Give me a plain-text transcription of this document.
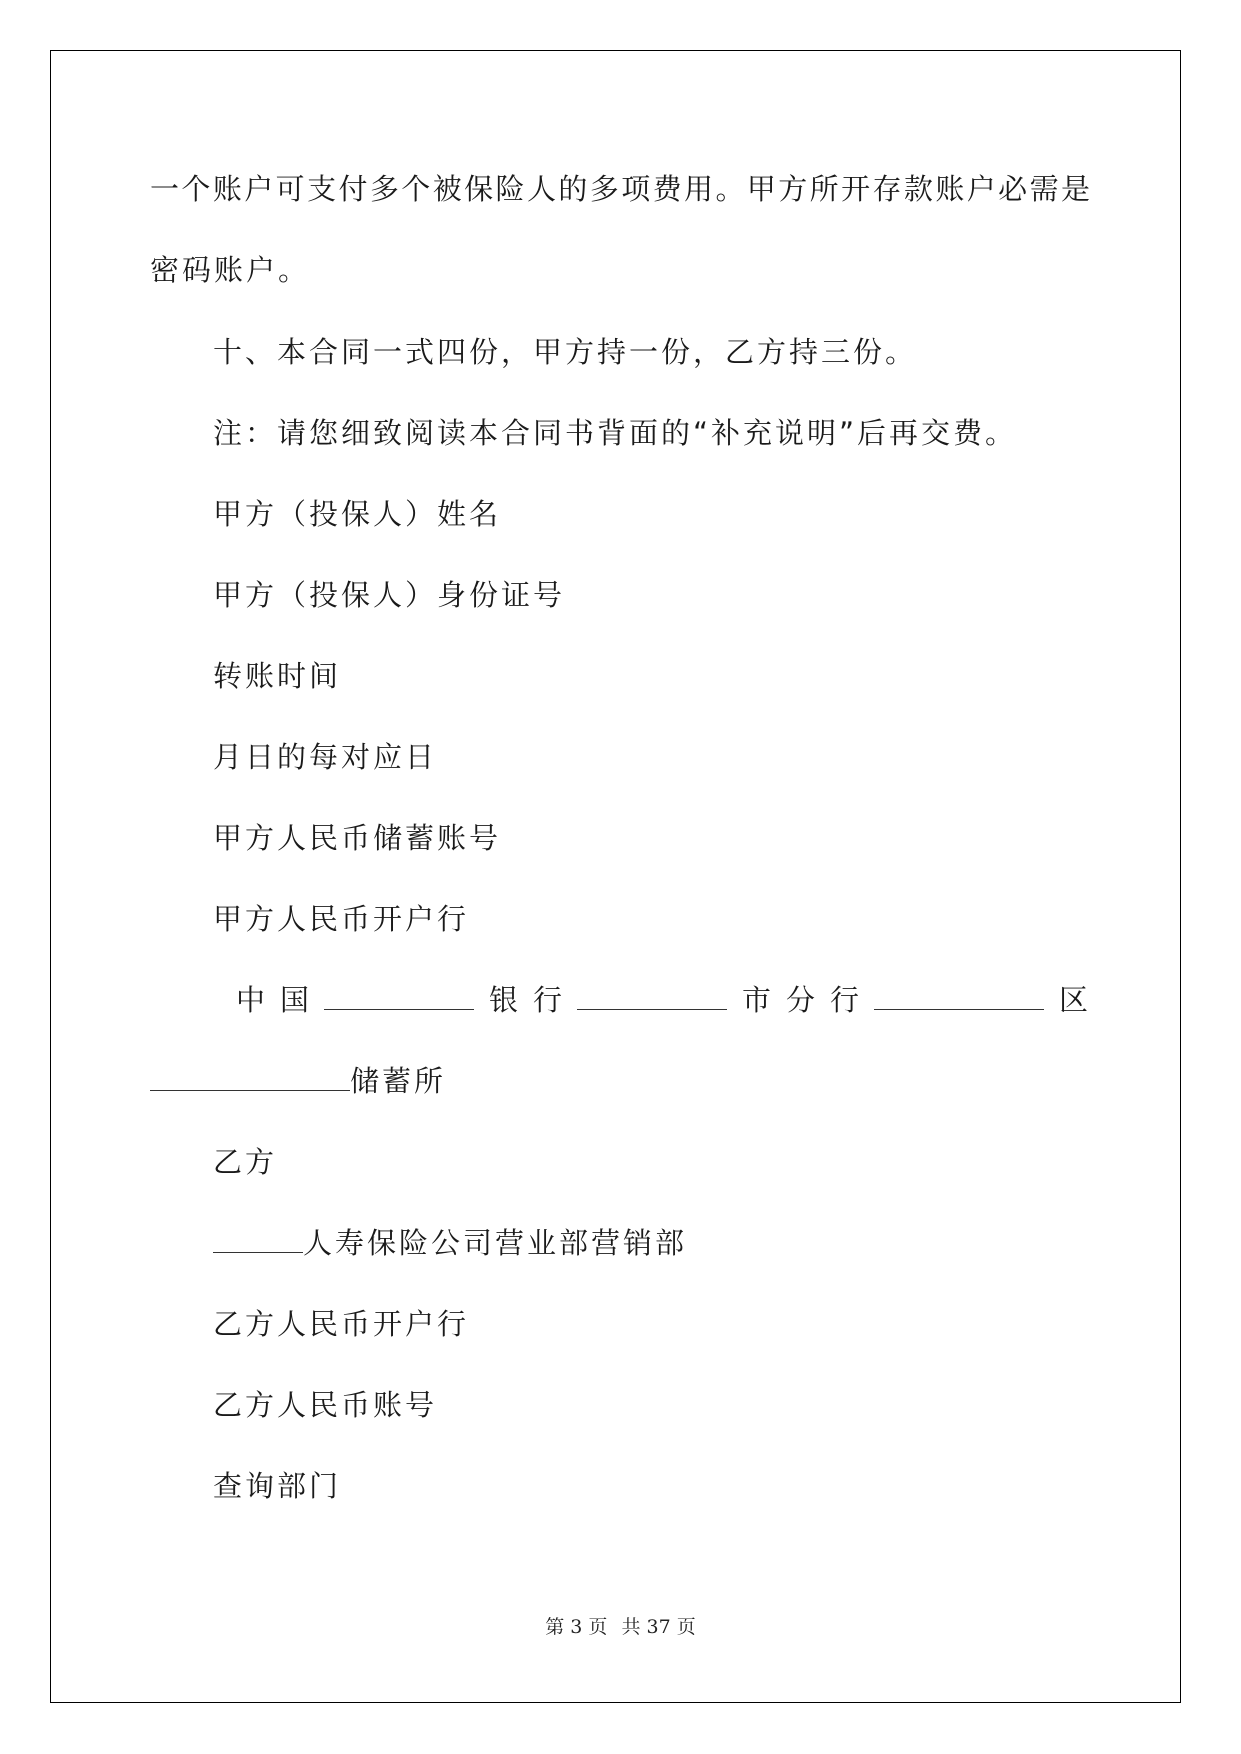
一个账户可支付多个被保险人的多项费用。甲方所开存款账户必需是
密码账户。
十、本合同一式四份，甲方持一份，乙方持三份。
注：请您细致阅读本合同书背面的“补充说明”后再交费。
甲方（投保人）姓名
甲方（投保人）身份证号
转账时间
月日的每对应日
甲方人民币储蓄账号
甲方人民币开户行
中 国	银 行	市 分 行	区
储蓄所
乙方
人寿保险公司营业部营销部
乙方人民币开户行
乙方人民币账号
查询部门
第 3 页 共 37 页
